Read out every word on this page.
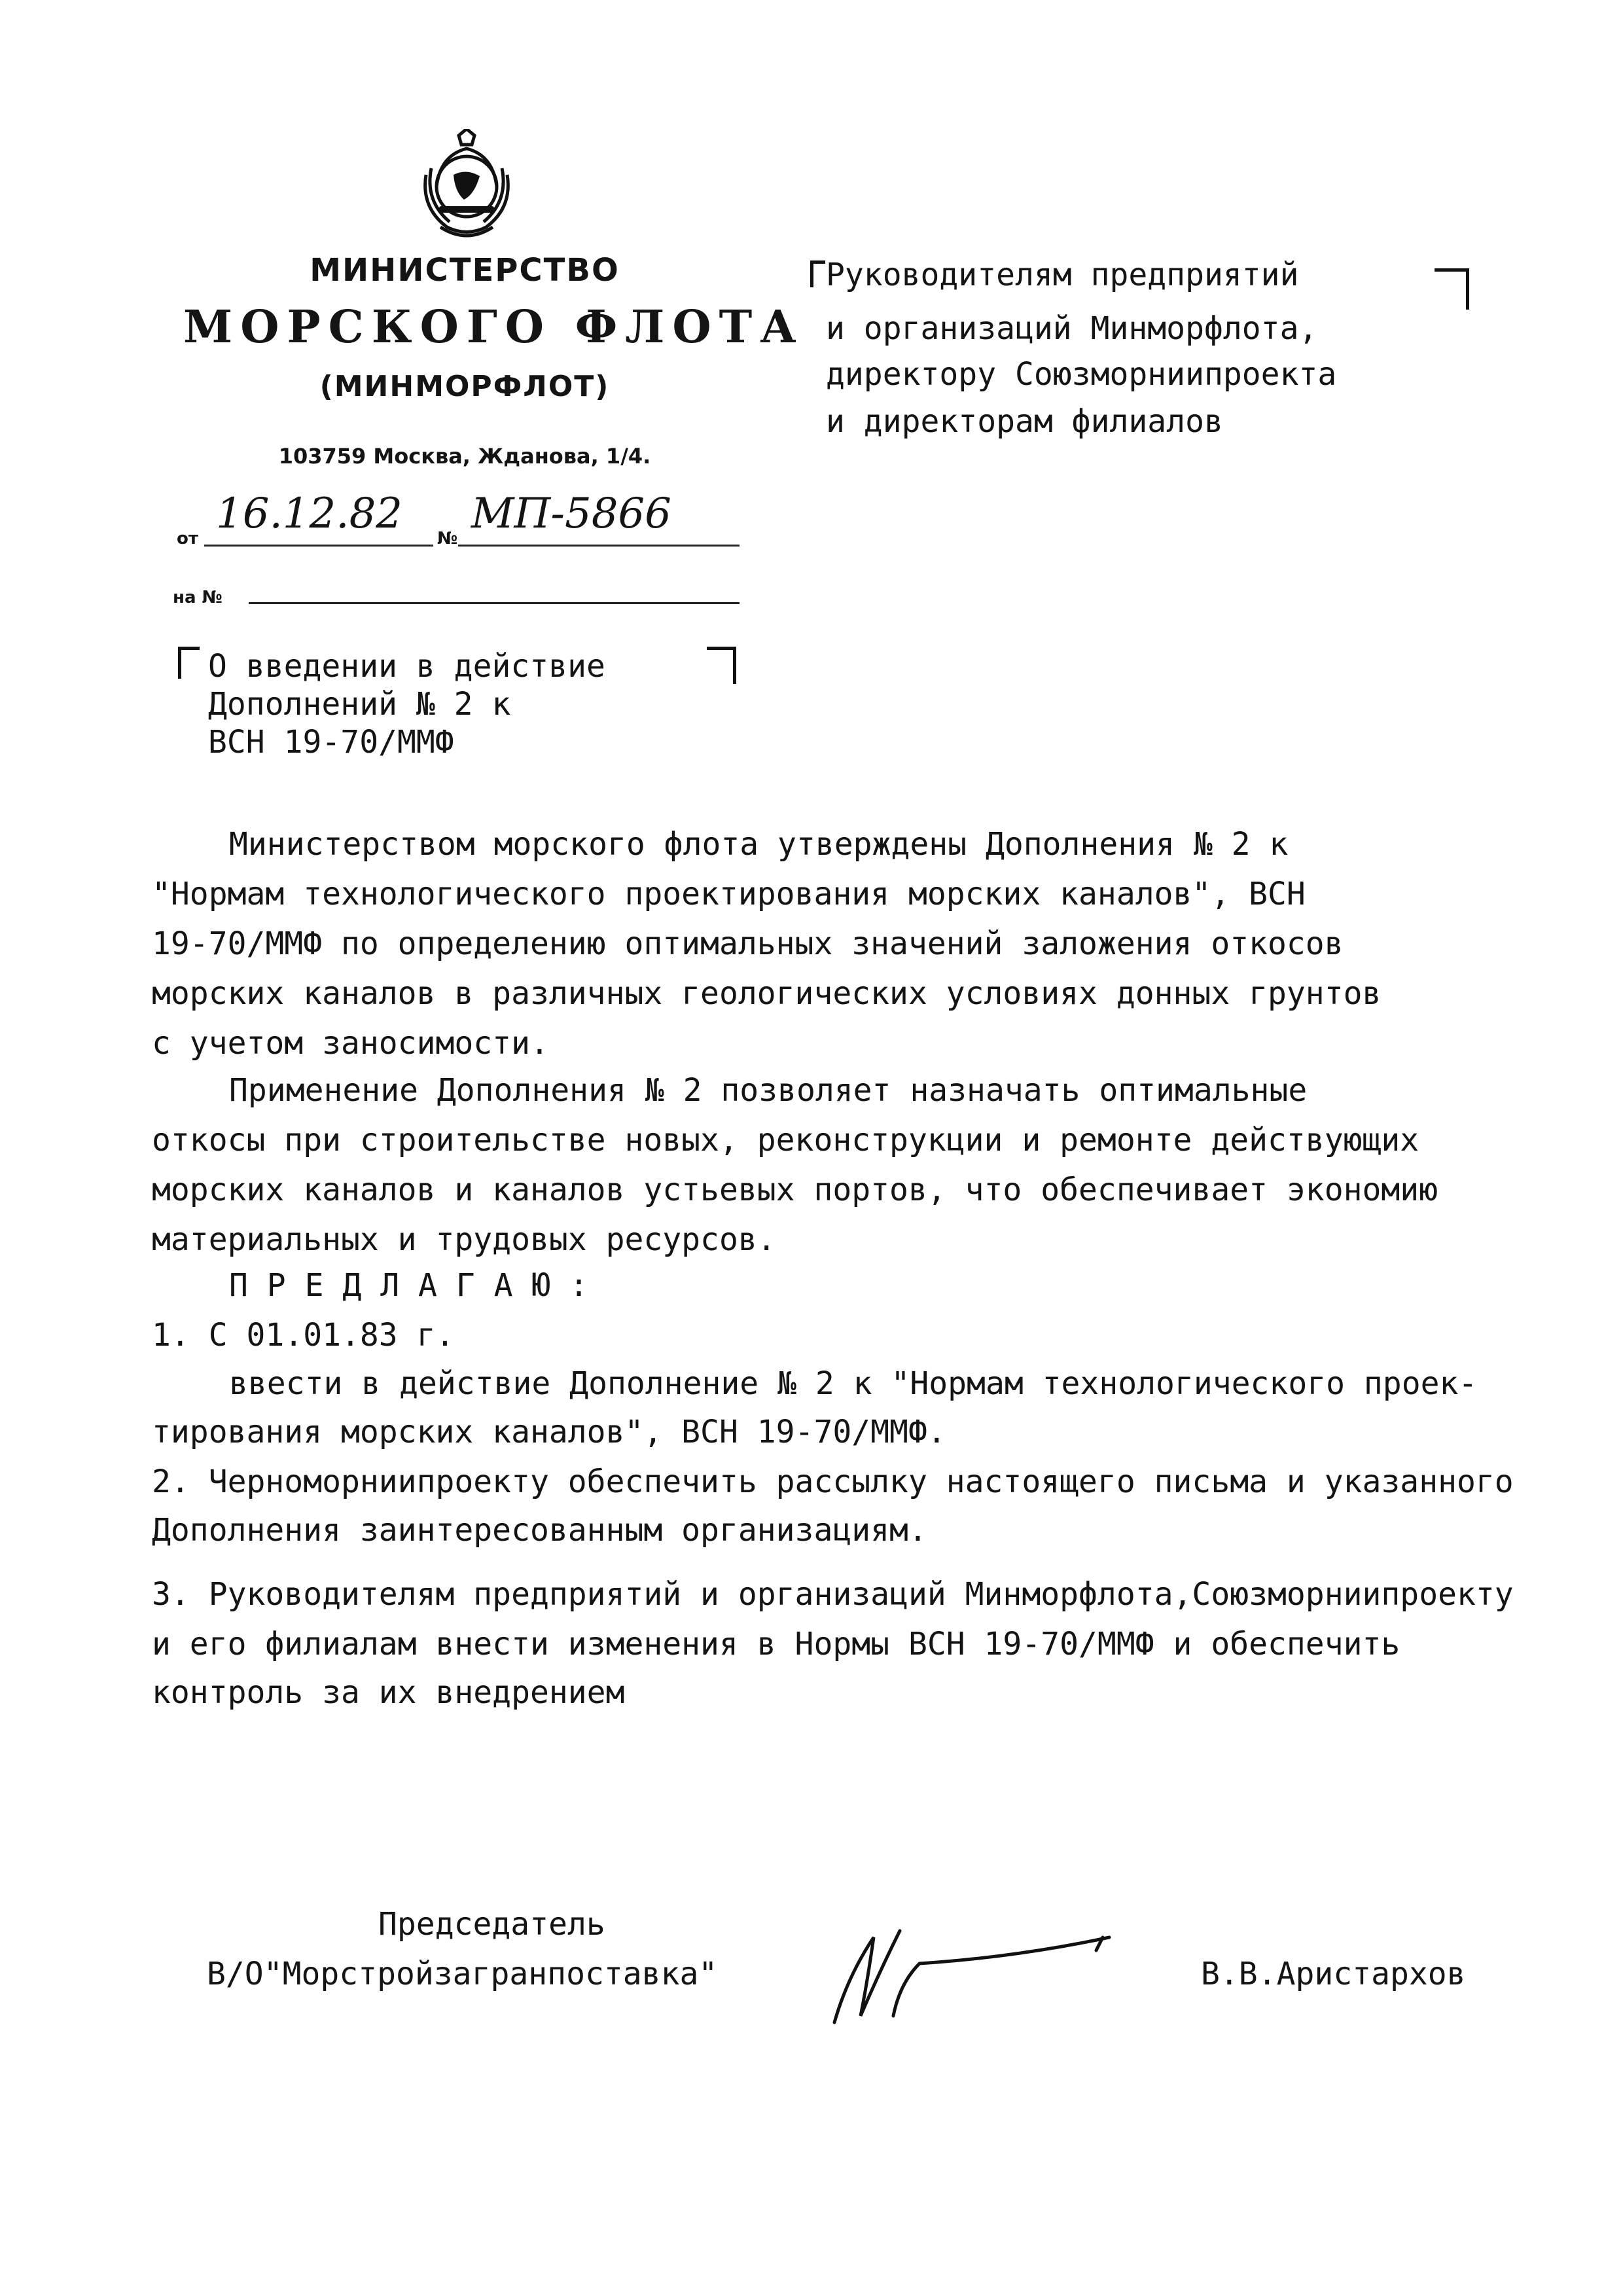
МИНИСТЕРСТВО
МОРСКОГО ФЛОТА
(МИНМОРФЛОТ)
103759 Москва, Жданова, 1/4.
от
16.12.82
№
МП-5866
на №
Руководителям предприятий
и организаций Минморфлота,
директору Союзморниипроекта
и директорам филиалов
О введении в действие
Дополнений № 2 к
ВСН 19-70/ММФ
Министерством морского флота утверждены Дополнения № 2 к
"Нормам технологического проектирования морских каналов", ВСН
19-70/ММФ по определению оптимальных значений заложения откосов
морских каналов в различных геологических условиях донных грунтов
с учетом заносимости.
Применение Дополнения № 2 позволяет назначать оптимальные
откосы при строительстве новых, реконструкции и ремонте действующих
морских каналов и каналов устьевых портов, что обеспечивает экономию
материальных и трудовых ресурсов.
П Р Е Д Л А Г А Ю :
1. С 01.01.83 г.
ввести в действие Дополнение № 2 к "Нормам технологического проек-
тирования морских каналов", ВСН 19-70/ММФ.
2. Черноморниипроекту обеспечить рассылку настоящего письма и указанного
Дополнения заинтересованным организациям.
3. Руководителям предприятий и организаций Минморфлота,Союзморниипроекту
и его филиалам внести изменения в Нормы ВСН 19-70/ММФ и обеспечить
контроль за их внедрением
Председатель
В/О"Морстройзагранпоставка"	В.В.Аристархов
